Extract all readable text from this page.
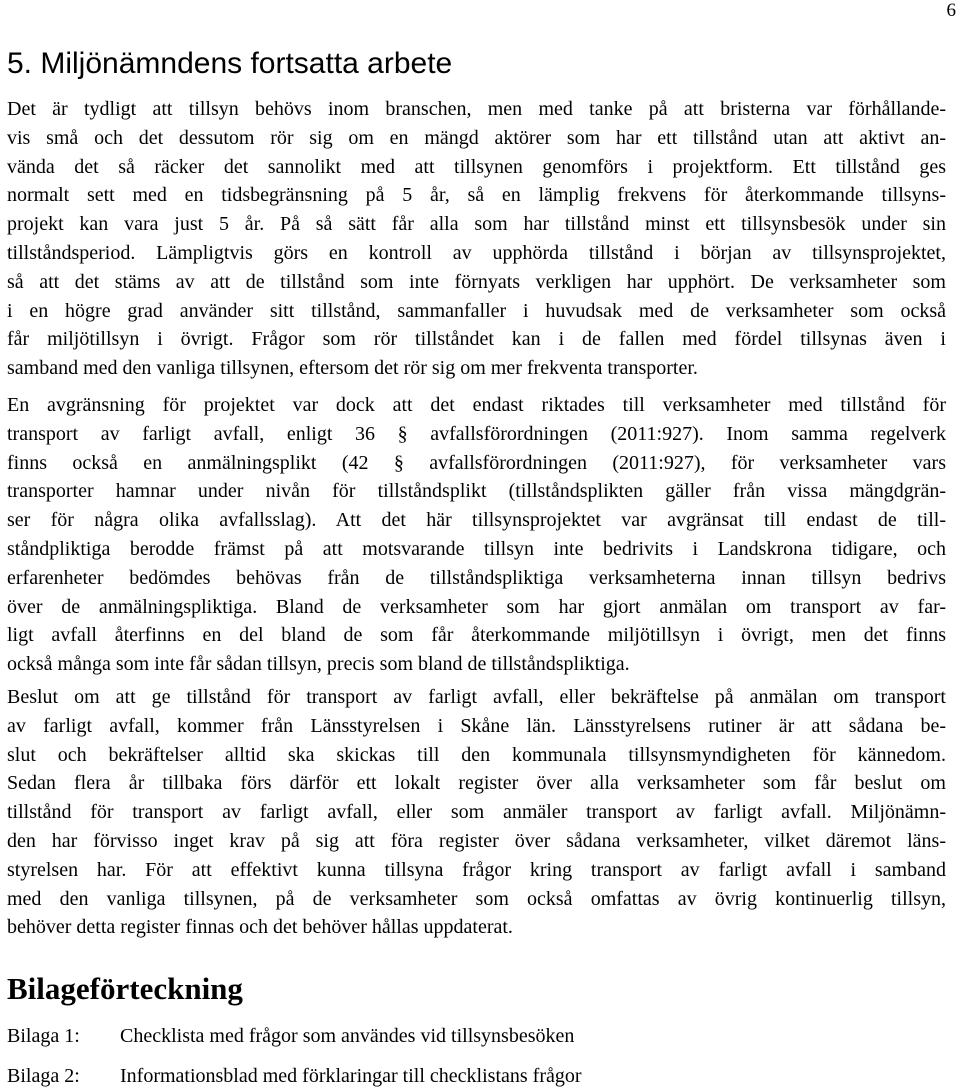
6
5. Miljönämndens fortsatta arbete

Det är tydligt att tillsyn behövs inom branschen, men med tanke på att bristerna var förhållande-
vis små och det dessutom rör sig om en mängd aktörer som har ett tillstånd utan att aktivt an-
vända det så räcker det sannolikt med att tillsynen genomförs i projektform. Ett tillstånd ges
normalt sett med en tidsbegränsning på 5 år, så en lämplig frekvens för återkommande tillsyns-
projekt kan vara just 5 år. På så sätt får alla som har tillstånd minst ett tillsynsbesök under sin
tillståndsperiod. Lämpligtvis görs en kontroll av upphörda tillstånd i början av tillsynsprojektet,
så att det stäms av att de tillstånd som inte förnyats verkligen har upphört. De verksamheter som
i en högre grad använder sitt tillstånd, sammanfaller i huvudsak med de verksamheter som också
får miljötillsyn i övrigt. Frågor som rör tillståndet kan i de fallen med fördel tillsynas även i
samband med den vanliga tillsynen, eftersom det rör sig om mer frekventa transporter.

En avgränsning för projektet var dock att det endast riktades till verksamheter med tillstånd för
transport av farligt avfall, enligt 36 § avfallsförordningen (2011:927). Inom samma regelverk
finns också en anmälningsplikt (42 § avfallsförordningen (2011:927), för verksamheter vars
transporter hamnar under nivån för tillståndsplikt (tillståndsplikten gäller från vissa mängdgrän-
ser för några olika avfallsslag). Att det här tillsynsprojektet var avgränsat till endast de till-
ståndpliktiga berodde främst på att motsvarande tillsyn inte bedrivits i Landskrona tidigare, och
erfarenheter bedömdes behövas från de tillståndspliktiga verksamheterna innan tillsyn bedrivs
över de anmälningspliktiga. Bland de verksamheter som har gjort anmälan om transport av far-
ligt avfall återfinns en del bland de som får återkommande miljötillsyn i övrigt, men det finns
också många som inte får sådan tillsyn, precis som bland de tillståndspliktiga.

Beslut om att ge tillstånd för transport av farligt avfall, eller bekräftelse på anmälan om transport
av farligt avfall, kommer från Länsstyrelsen i Skåne län. Länsstyrelsens rutiner är att sådana be-
slut och bekräftelser alltid ska skickas till den kommunala tillsynsmyndigheten för kännedom.
Sedan flera år tillbaka förs därför ett lokalt register över alla verksamheter som får beslut om
tillstånd för transport av farligt avfall, eller som anmäler transport av farligt avfall. Miljönämn-
den har förvisso inget krav på sig att föra register över sådana verksamheter, vilket däremot läns-
styrelsen har. För att effektivt kunna tillsyna frågor kring transport av farligt avfall i samband
med den vanliga tillsynen, på de verksamheter som också omfattas av övrig kontinuerlig tillsyn,
behöver detta register finnas och det behöver hållas uppdaterat.

Bilageförteckning
Bilaga 1: Checklista med frågor som användes vid tillsynsbesöken
Bilaga 2: Informationsblad med förklaringar till checklistans frågor
